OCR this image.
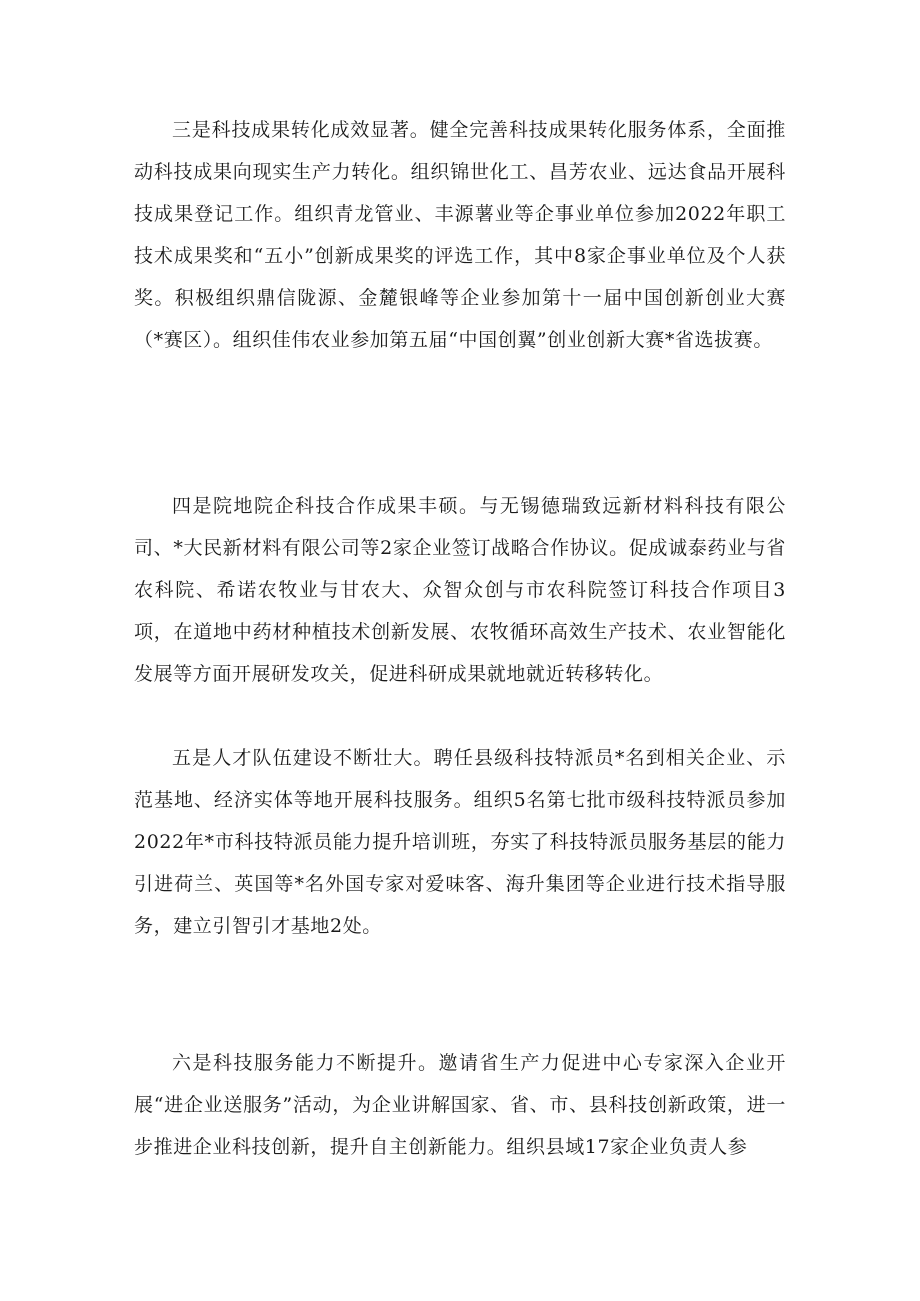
三是科技成果转化成效显著。健全完善科技成果转化服务体系，全面推动科技成果向现实生产力转化。组织锦世化工、昌芳农业、远达食品开展科技成果登记工作。组织青龙管业、丰源薯业等企事业单位参加2022年职工技术成果奖和“五小”创新成果奖的评选工作，其中8家企事业单位及个人获奖。积极组织鼎信陇源、金麓银峰等企业参加第十一届中国创新创业大赛（*赛区）。组织佳伟农业参加第五届“中国创翼”创业创新大赛*省选拔赛。

四是院地院企科技合作成果丰硕。与无锡德瑞致远新材料科技有限公司、*大民新材料有限公司等2家企业签订战略合作协议。促成诚泰药业与省农科院、希诺农牧业与甘农大、众智众创与市农科院签订科技合作项目3项，在道地中药材种植技术创新发展、农牧循环高效生产技术、农业智能化发展等方面开展研发攻关，促进科研成果就地就近转移转化。

五是人才队伍建设不断壮大。聘任县级科技特派员*名到相关企业、示范基地、经济实体等地开展科技服务。组织5名第七批市级科技特派员参加2022年*市科技特派员能力提升培训班，夯实了科技特派员服务基层的能力引进荷兰、英国等*名外国专家对爱味客、海升集团等企业进行技术指导服务，建立引智引才基地2处。

六是科技服务能力不断提升。邀请省生产力促进中心专家深入企业开展“进企业送服务”活动，为企业讲解国家、省、市、县科技创新政策，进一步推进企业科技创新，提升自主创新能力。组织县域17家企业负责人参
